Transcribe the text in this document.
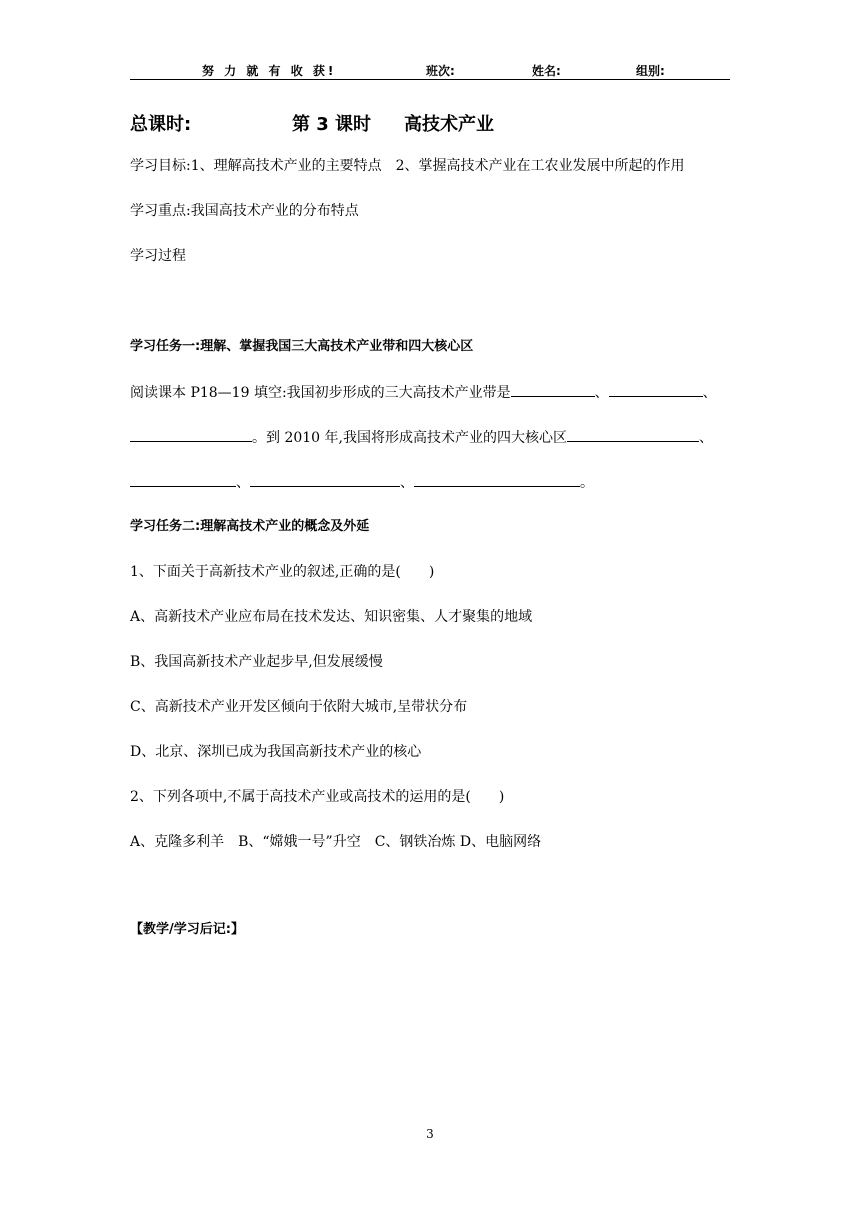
努 力 就 有 收 获!	班次:	姓名:	组别:
总课时:	第 3 课时 高技术产业
学习目标:1、理解高技术产业的主要特点　2、掌握高技术产业在工农业发展中所起的作用
学习重点:我国高技术产业的分布特点
学习过程
学习任务一:理解、掌握我国三大高技术产业带和四大核心区
阅读课本 P18—19 填空:我国初步形成的三大高技术产业带是	、	、
。到 2010 年,我国将形成高技术产业的四大核心区	、
、	、	。
学习任务二:理解高技术产业的概念及外延
1、下面关于高新技术产业的叙述,正确的是(　　)
A、高新技术产业应布局在技术发达、知识密集、人才聚集的地域
B、我国高新技术产业起步早,但发展缓慢
C、高新技术产业开发区倾向于依附大城市,呈带状分布
D、北京、深圳已成为我国高新技术产业的核心
2、下列各项中,不属于高技术产业或高技术的运用的是(　　)
A、克隆多利羊　B、“嫦娥一号”升空　C、钢铁冶炼 D、电脑网络
【教学/学习后记:】
3
